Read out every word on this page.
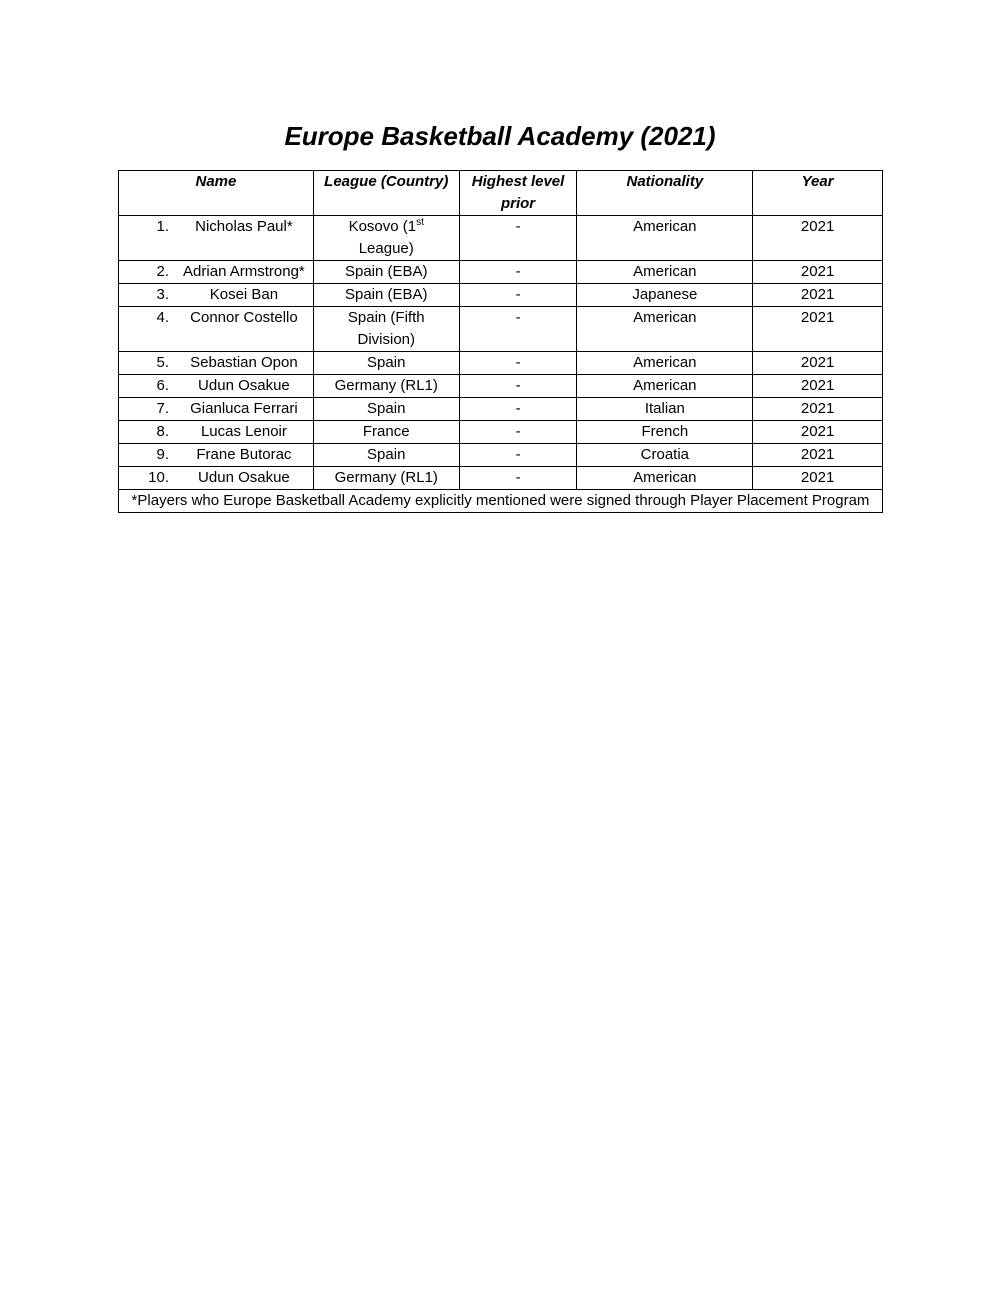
Europe Basketball Academy (2021)
Name	League (Country)	Highest level prior	Nationality	Year

1. Nicholas Paul*	Kosovo (1st League)	-	American	2021

2. Adrian Armstrong*	Spain (EBA)	-	American	2021

3. Kosei Ban	Spain (EBA)	-	Japanese	2021

4. Connor Costello	Spain (Fifth Division)	-	American	2021

5. Sebastian Opon	Spain	-	American	2021

6. Udun Osakue	Germany (RL1)	-	American	2021

7. Gianluca Ferrari	Spain	-	Italian	2021

8. Lucas Lenoir	France	-	French	2021

9. Frane Butorac	Spain	-	Croatia	2021

10. Udun Osakue	Germany (RL1)	-	American	2021
*Players who Europe Basketball Academy explicitly mentioned were signed through Player Placement Program				
